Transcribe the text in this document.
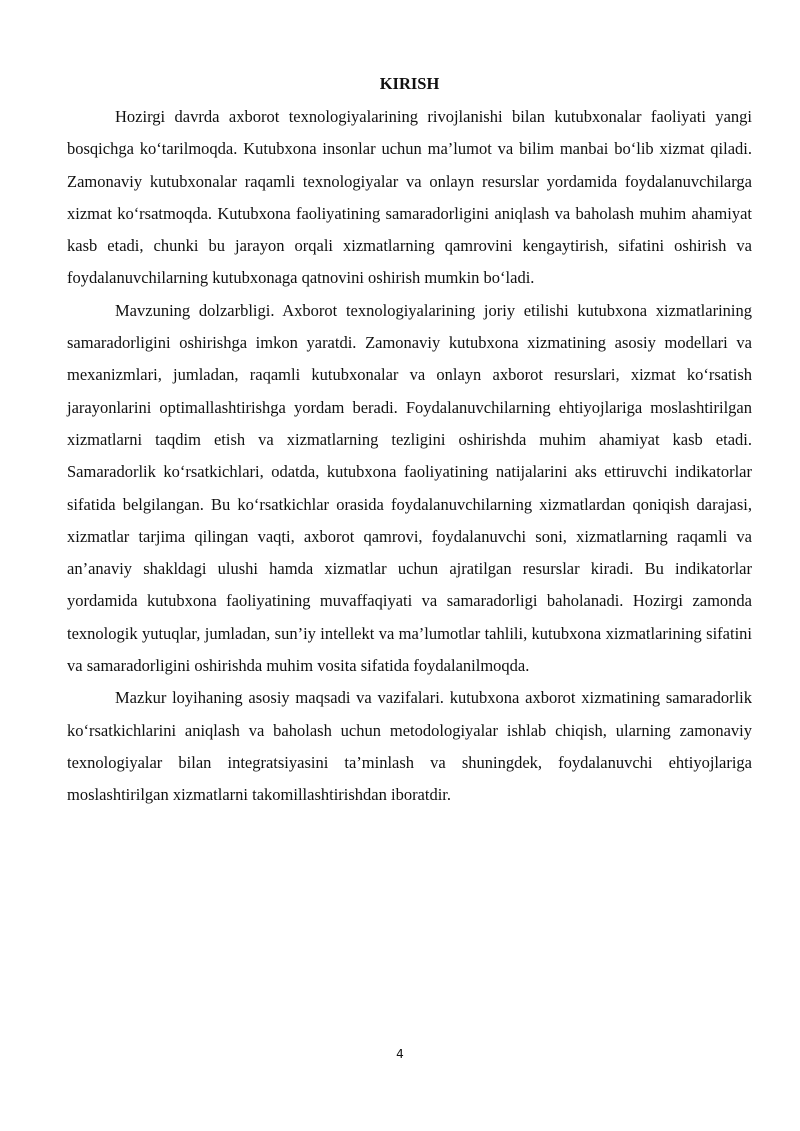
KIRISH

Hozirgi davrda axborot texnologiyalarining rivojlanishi bilan kutubxonalar faoliyati yangi bosqichga ko‘tarilmoqda. Kutubxona insonlar uchun ma’lumot va bilim manbai bo‘lib xizmat qiladi. Zamonaviy kutubxonalar raqamli texnologiyalar va onlayn resurslar yordamida foydalanuvchilarga xizmat ko‘rsatmoqda. Kutubxona faoliyatining samaradorligini aniqlash va baholash muhim ahamiyat kasb etadi, chunki bu jarayon orqali xizmatlarning qamrovini kengaytirish, sifatini oshirish va foydalanuvchilarning kutubxonaga qatnovini oshirish mumkin bo‘ladi.

Mavzuning dolzarbligi. Axborot texnologiyalarining joriy etilishi kutubxona xizmatlarining samaradorligini oshirishga imkon yaratdi. Zamonaviy kutubxona xizmatining asosiy modellari va mexanizmlari, jumladan, raqamli kutubxonalar va onlayn axborot resurslari, xizmat ko‘rsatish jarayonlarini optimallashtirishga yordam beradi. Foydalanuvchilarning ehtiyojlariga moslashtirilgan xizmatlarni taqdim etish va xizmatlarning tezligini oshirishda muhim ahamiyat kasb etadi. Samaradorlik ko‘rsatkichlari, odatda, kutubxona faoliyatining natijalarini aks ettiruvchi indikatorlar sifatida belgilangan. Bu ko‘rsatkichlar orasida foydalanuvchilarning xizmatlardan qoniqish darajasi, xizmatlar tarjima qilingan vaqti, axborot qamrovi, foydalanuvchi soni, xizmatlarning raqamli va an’anaviy shakldagi ulushi hamda xizmatlar uchun ajratilgan resurslar kiradi. Bu indikatorlar yordamida kutubxona faoliyatining muvaffaqiyati va samaradorligi baholanadi. Hozirgi zamonda texnologik yutuqlar, jumladan, sun’iy intellekt va ma’lumotlar tahlili, kutubxona xizmatlarining sifatini va samaradorligini oshirishda muhim vosita sifatida foydalanilmoqda.

Mazkur loyihaning asosiy maqsadi va vazifalari. kutubxona axborot xizmatining samaradorlik ko‘rsatkichlarini aniqlash va baholash uchun metodologiyalar ishlab chiqish, ularning zamonaviy texnologiyalar bilan integratsiyasini ta’minlash va shuningdek, foydalanuvchi ehtiyojlariga moslashtirilgan xizmatlarni takomillashtirishdan iboratdir.

4
